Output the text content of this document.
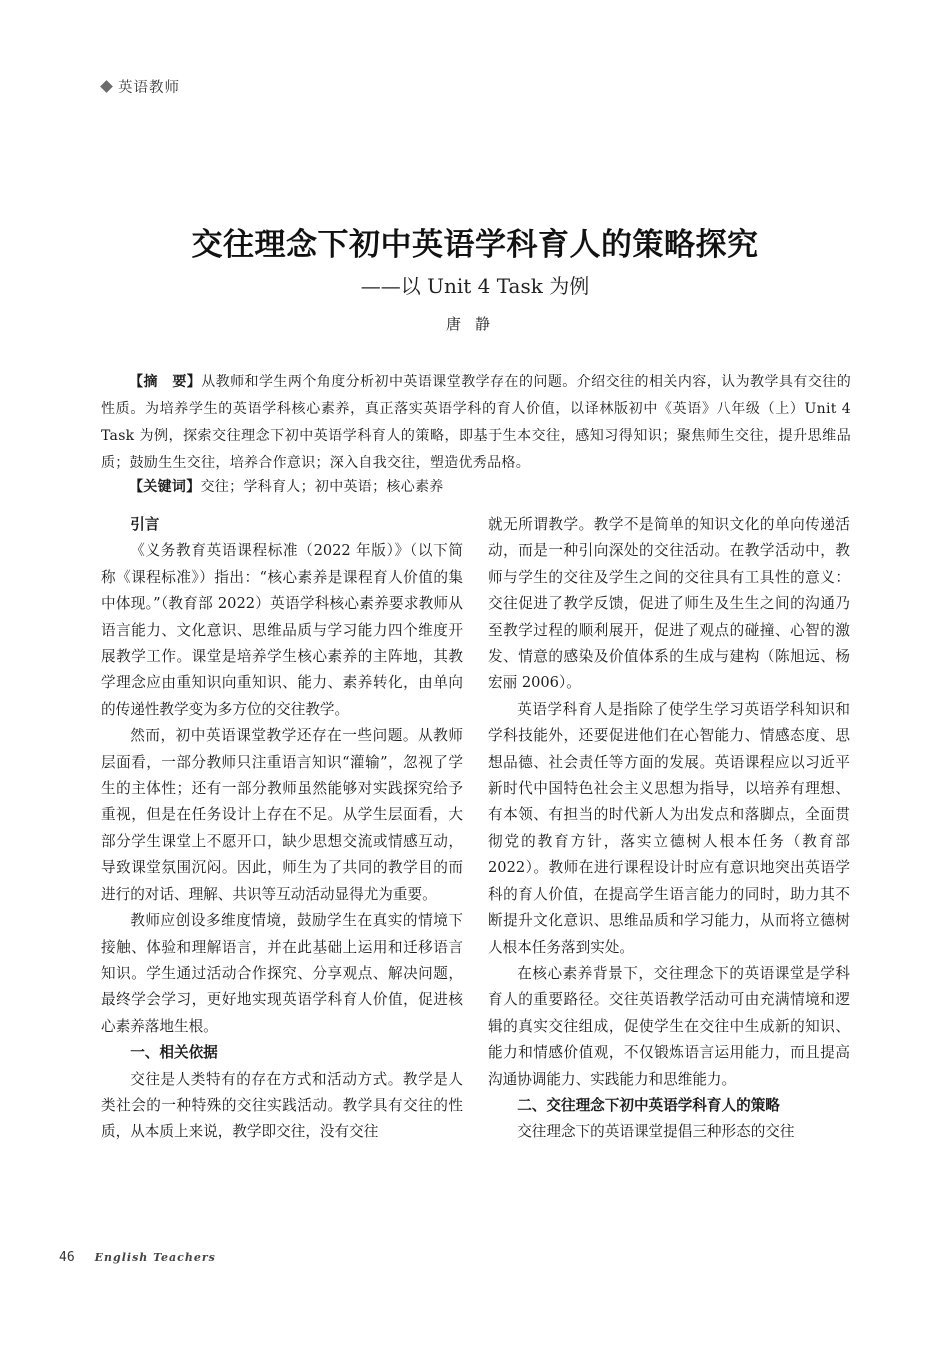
英语教师
交往理念下初中英语学科育人的策略探究
——以 Unit 4 Task 为例
唐静

【摘　要】从教师和学生两个角度分析初中英语课堂教学存在的问题。介绍交往的相关内容，认为教学具有交往的性质。为培养学生的英语学科核心素养，真正落实英语学科的育人价值，以译林版初中《英语》八年级（上）Unit 4 Task 为例，探索交往理念下初中英语学科育人的策略，即基于生本交往，感知习得知识；聚焦师生交往，提升思维品质；鼓励生生交往，培养合作意识；深入自我交往，塑造优秀品格。

【关键词】交往；学科育人；初中英语；核心素养
引言

《义务教育英语课程标准（2022 年版）》（以下简称《课程标准》）指出：“核心素养是课程育人价值的集中体现。”（教育部 2022）英语学科核心素养要求教师从语言能力、文化意识、思维品质与学习能力四个维度开展教学工作。课堂是培养学生核心素养的主阵地，其教学理念应由重知识向重知识、能力、素养转化，由单向的传递性教学变为多方位的交往教学。

然而，初中英语课堂教学还存在一些问题。从教师层面看，一部分教师只注重语言知识“灌输”，忽视了学生的主体性；还有一部分教师虽然能够对实践探究给予重视，但是在任务设计上存在不足。从学生层面看，大部分学生课堂上不愿开口，缺少思想交流或情感互动，导致课堂氛围沉闷。因此，师生为了共同的教学目的而进行的对话、理解、共识等互动活动显得尤为重要。

教师应创设多维度情境，鼓励学生在真实的情境下接触、体验和理解语言，并在此基础上运用和迁移语言知识。学生通过活动合作探究、分享观点、解决问题，最终学会学习，更好地实现英语学科育人价值，促进核心素养落地生根。

一、相关依据

交往是人类特有的存在方式和活动方式。教学是人类社会的一种特殊的交往实践活动。教学具有交往的性质，从本质上来说，教学即交往，没有交往

就无所谓教学。教学不是简单的知识文化的单向传递活动，而是一种引向深处的交往活动。在教学活动中，教师与学生的交往及学生之间的交往具有工具性的意义：交往促进了教学反馈，促进了师生及生生之间的沟通乃至教学过程的顺利展开，促进了观点的碰撞、心智的激发、情意的感染及价值体系的生成与建构（陈旭远、杨宏丽 2006）。

英语学科育人是指除了使学生学习英语学科知识和学科技能外，还要促进他们在心智能力、情感态度、思想品德、社会责任等方面的发展。英语课程应以习近平新时代中国特色社会主义思想为指导，以培养有理想、有本领、有担当的时代新人为出发点和落脚点，全面贯彻党的教育方针，落实立德树人根本任务（教育部 2022）。教师在进行课程设计时应有意识地突出英语学科的育人价值，在提高学生语言能力的同时，助力其不断提升文化意识、思维品质和学习能力，从而将立德树人根本任务落到实处。

在核心素养背景下，交往理念下的英语课堂是学科育人的重要路径。交往英语教学活动可由充满情境和逻辑的真实交往组成，促使学生在交往中生成新的知识、能力和情感价值观，不仅锻炼语言运用能力，而且提高沟通协调能力、实践能力和思维能力。

二、交往理念下初中英语学科育人的策略

交往理念下的英语课堂提倡三种形态的交往

46 English Teachers
